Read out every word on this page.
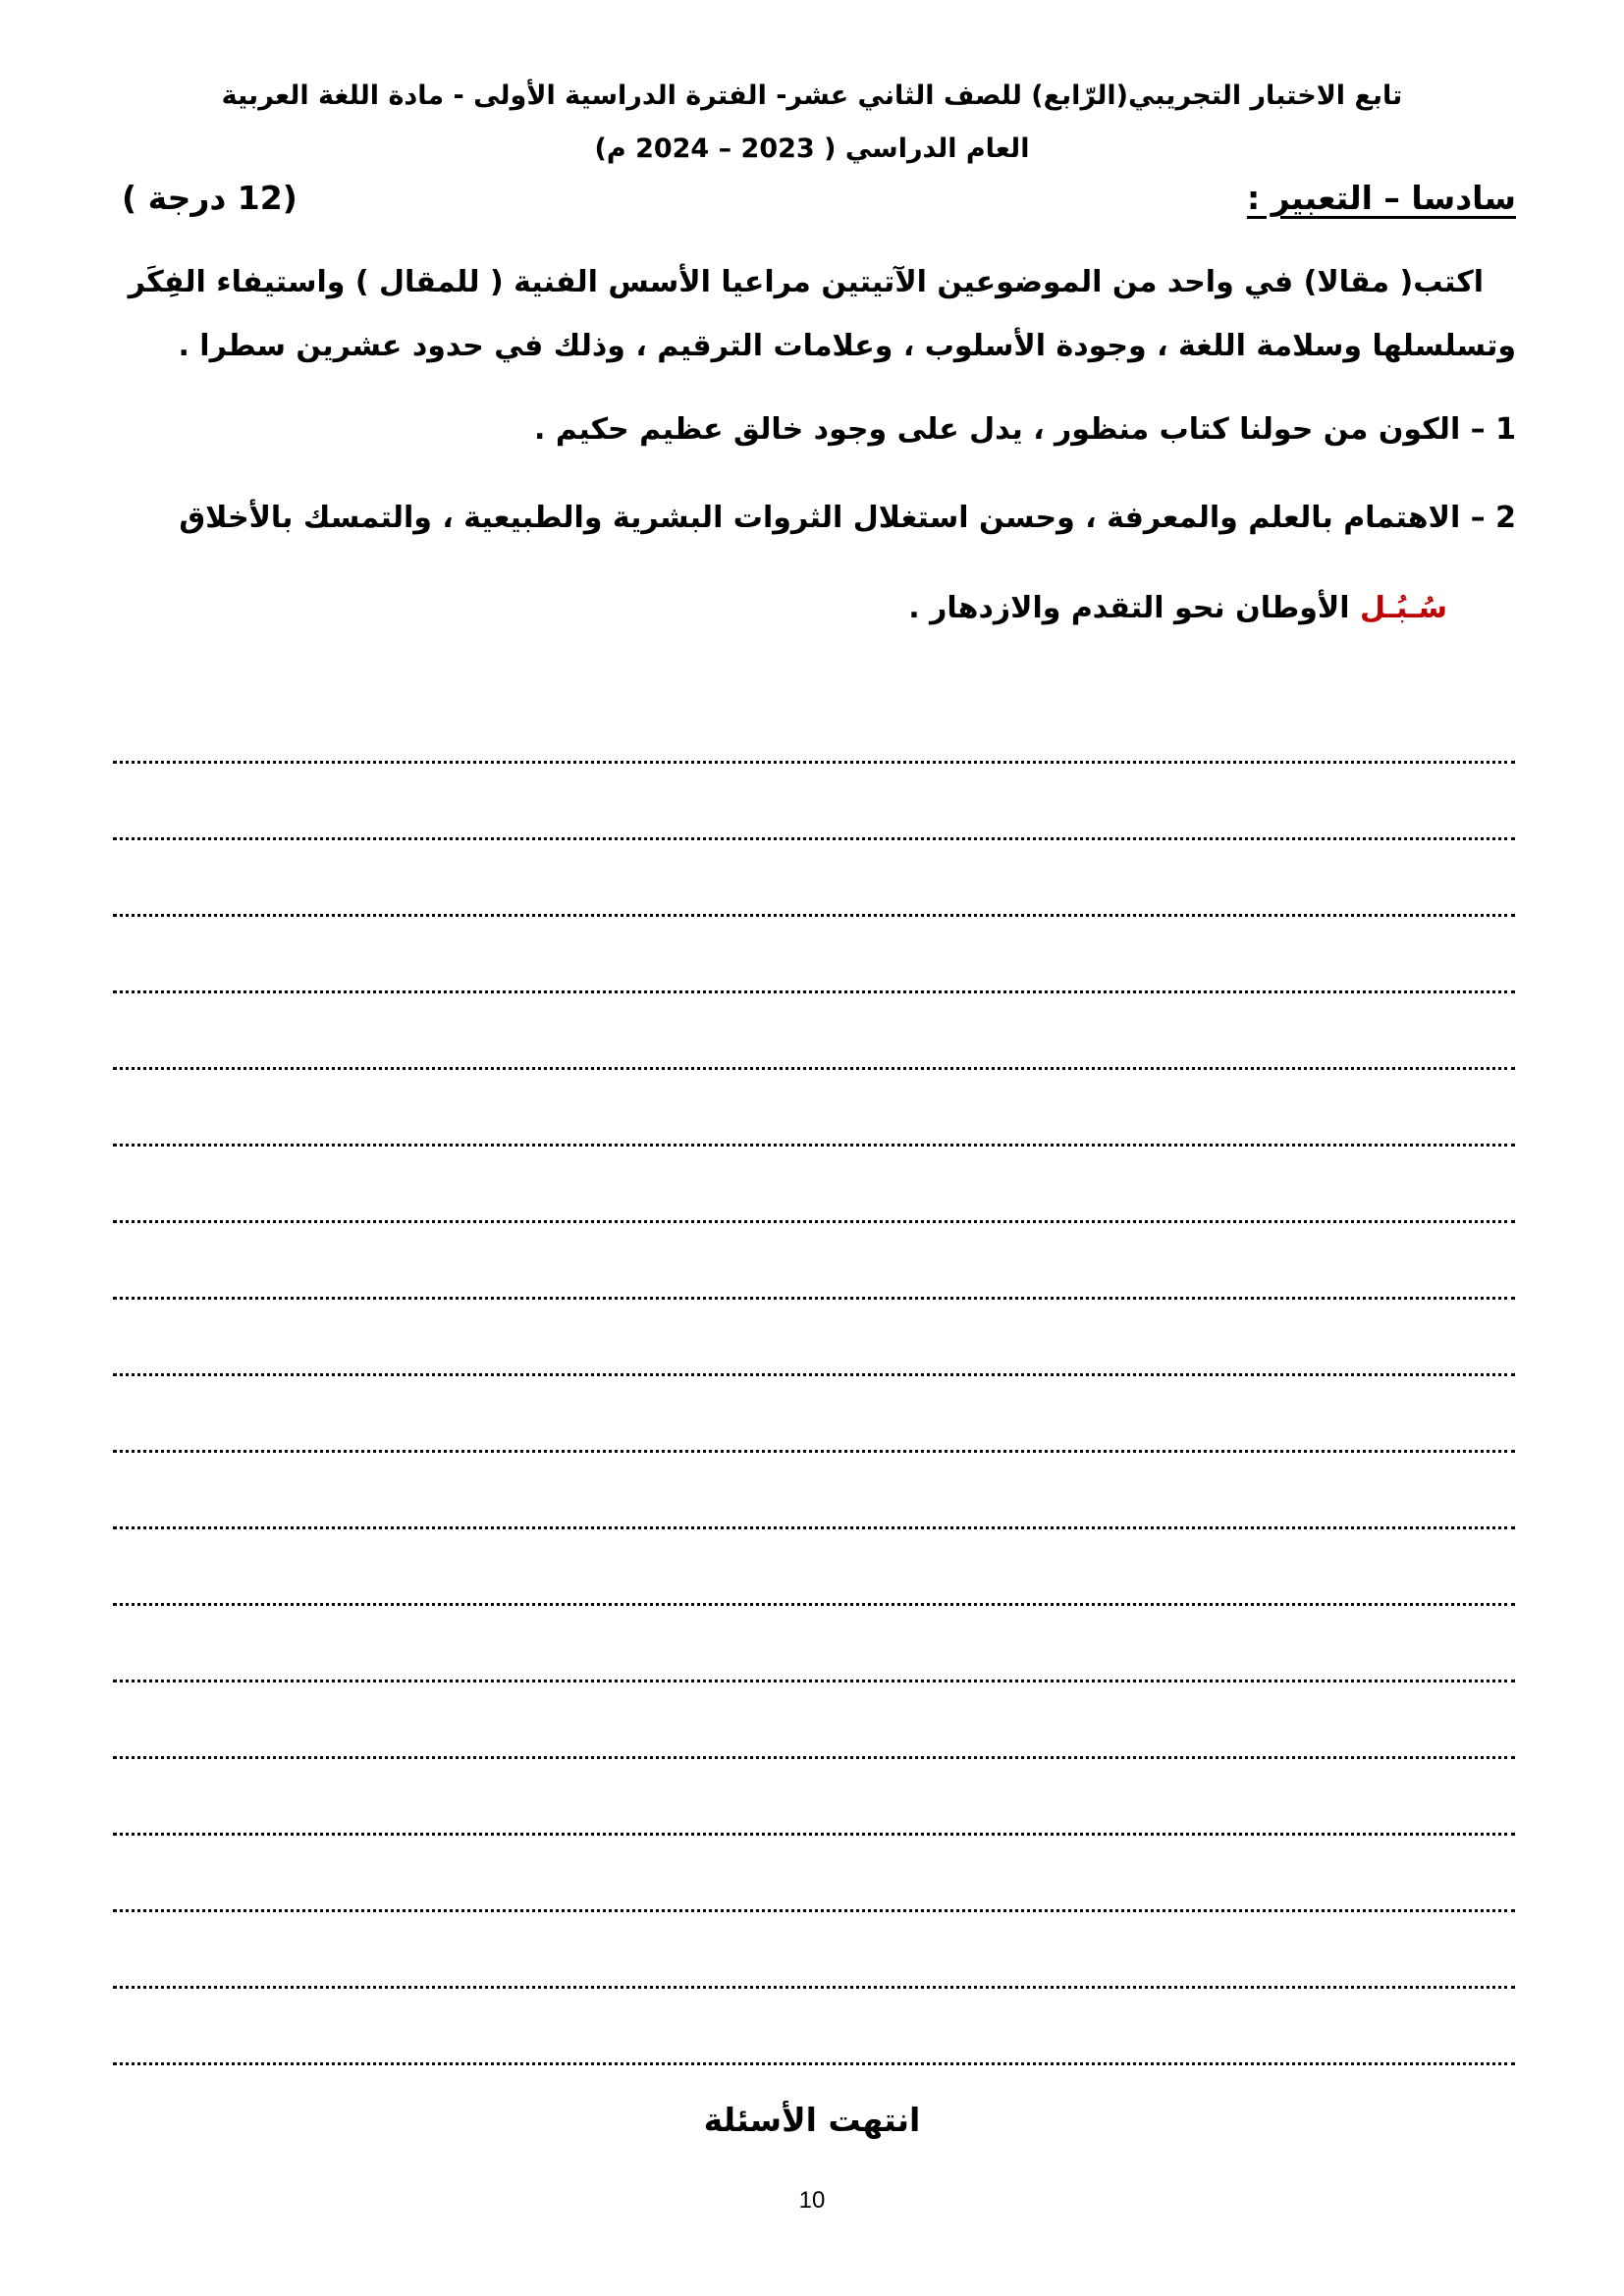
تابع الاختبار التجريبي(الرّابع) للصف الثاني عشر- الفترة الدراسية الأولى - مادة اللغة العربية
العام الدراسي ( 2023 – 2024 م)
سادسا – التعبير :
(12 درجة )
اكتب( مقالا) في واحد من الموضوعين الآتيتين مراعيا الأسس الفنية ( للمقال ) واستيفاء الفِكَر
وتسلسلها وسلامة اللغة ، وجودة الأسلوب ، وعلامات الترقيم ، وذلك في حدود عشرين سطرا .
1 – الكون من حولنا كتاب منظور ، يدل على وجود خالق عظيم حكيم .
2 – الاهتمام بالعلم والمعرفة ، وحسن استغلال الثروات البشرية والطبيعية ، والتمسك بالأخلاق
سُـبُـل الأوطان نحو التقدم والازدهار .
انتهت الأسئلة
10
